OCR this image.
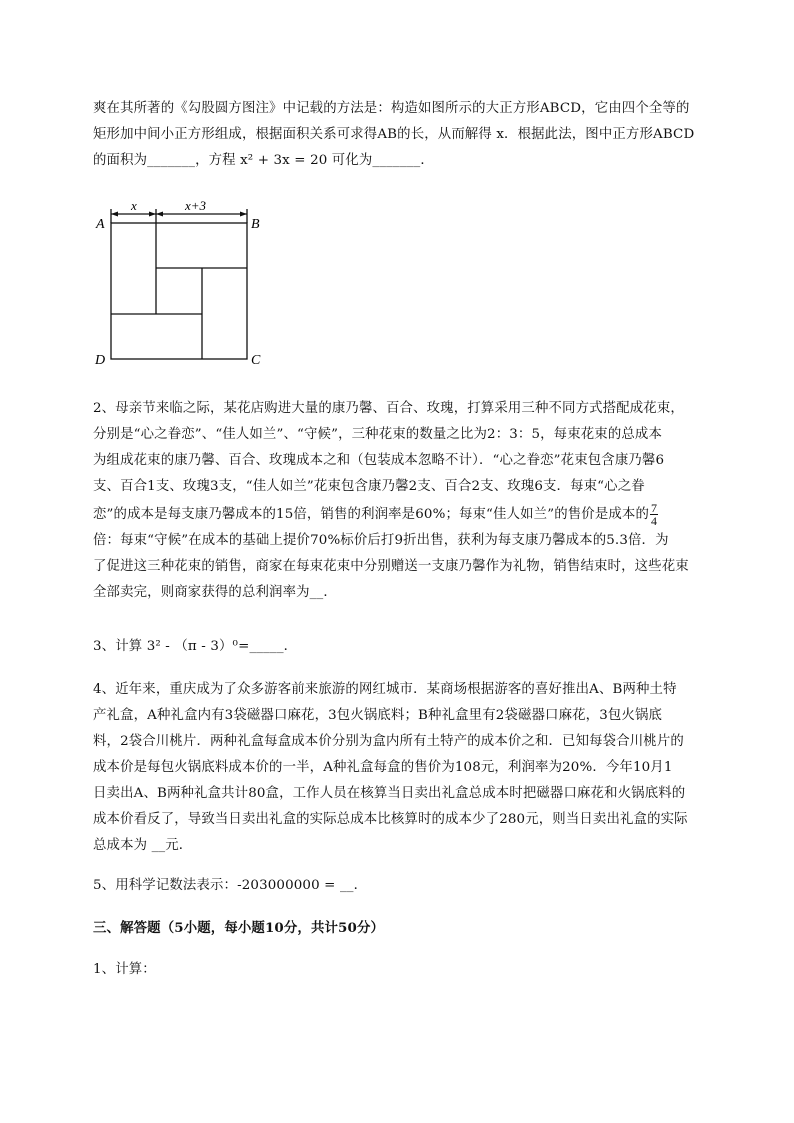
爽在其所著的《勾股圆方图注》中记载的方法是：构造如图所示的大正方形ABCD，它由四个全等的
矩形加中间小正方形组成，根据面积关系可求得AB的长，从而解得 x．根据此法，图中正方形ABCD
的面积为_______，方程 x² + 3x = 20 可化为_______．
x	x+3
A	B
C
D
2、母亲节来临之际，某花店购进大量的康乃馨、百合、玫瑰，打算采用三种不同方式搭配成花束，
分别是“心之眷恋”、“佳人如兰”、“守候”，三种花束的数量之比为2：3：5，每束花束的总成本
为组成花束的康乃馨、百合、玫瑰成本之和（包装成本忽略不计）．“心之眷恋”花束包含康乃馨6
支、百合1支、玫瑰3支，“佳人如兰”花束包含康乃馨2支、百合2支、玫瑰6支．每束“心之眷
恋”的成本是每支康乃馨成本的15倍，销售的利润率是60%；每束“佳人如兰”的售价是成本的 $\frac{7}{4}$
倍：每束“守候”在成本的基础上提价70%标价后打9折出售，获利为每支康乃馨成本的5.3倍．为
了促进这三种花束的销售，商家在每束花束中分别赠送一支康乃馨作为礼物，销售结束时，这些花束
全部卖完，则商家获得的总利润率为__．
3、计算 3² - （π - 3）⁰=_____．
4、近年来，重庆成为了众多游客前来旅游的网红城市．某商场根据游客的喜好推出A、B两种土特
产礼盒，A种礼盒内有3袋磁器口麻花，3包火锅底料；B种礼盒里有2袋磁器口麻花，3包火锅底
料，2袋合川桃片．两种礼盒每盒成本价分别为盒内所有土特产的成本价之和．已知每袋合川桃片的
成本价是每包火锅底料成本价的一半，A种礼盒每盒的售价为108元，利润率为20%．今年10月1
日卖出A、B两种礼盒共计80盒，工作人员在核算当日卖出礼盒总成本时把磁器口麻花和火锅底料的
成本价看反了，导致当日卖出礼盒的实际总成本比核算时的成本少了280元，则当日卖出礼盒的实际
总成本为 __元．
5、用科学记数法表示：-203000000 = __．
三、解答题（5小题，每小题10分，共计50分）
1、计算：
